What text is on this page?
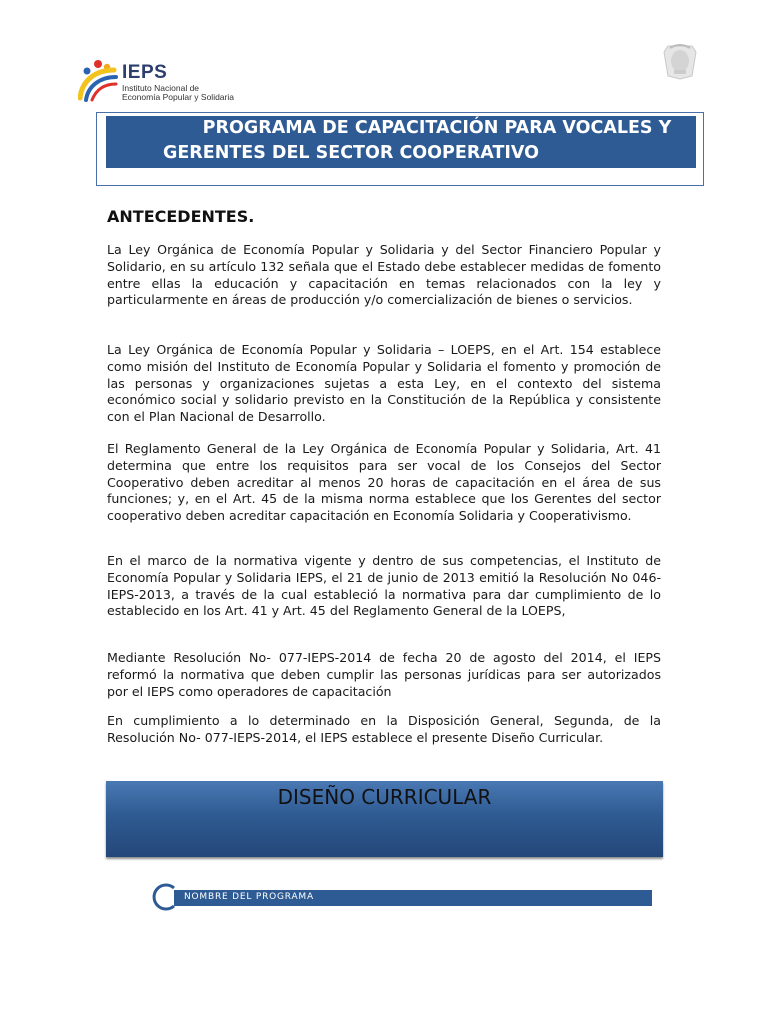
IEPS
Instituto Nacional de
Economía Popular y Solidaria
PROGRAMA DE CAPACITACIÓN PARA VOCALES Y
GERENTES DEL SECTOR COOPERATIVO
ANTECEDENTES.
La Ley Orgánica de Economía Popular y Solidaria y del Sector Financiero Popular y Solidario, en su artículo 132 señala que el Estado debe establecer medidas de fomento entre ellas la educación y capacitación en temas relacionados con la ley y particularmente en áreas de producción y/o comercialización de bienes o servicios.
La Ley Orgánica de Economía Popular y Solidaria – LOEPS, en el Art. 154 establece como misión del Instituto de Economía Popular y Solidaria el fomento y promoción de las personas y organizaciones sujetas a esta Ley, en el contexto del sistema económico social y solidario previsto en la Constitución de la República y consistente con el Plan Nacional de Desarrollo.
El Reglamento General de la Ley Orgánica de Economía Popular y Solidaria, Art. 41 determina que entre los requisitos para ser vocal de los Consejos del Sector Cooperativo deben acreditar al menos 20 horas de capacitación en el área de sus funciones; y, en el Art. 45 de la misma norma establece que los Gerentes del sector cooperativo deben acreditar capacitación en Economía Solidaria y Cooperativismo.
En el marco de la normativa vigente y dentro de sus competencias, el Instituto de Economía Popular y Solidaria IEPS, el 21 de junio de 2013 emitió la Resolución No 046-IEPS-2013, a través de la cual estableció la normativa para dar cumplimiento de lo establecido en los Art. 41 y Art. 45 del Reglamento General de la LOEPS,
Mediante Resolución No- 077-IEPS-2014 de fecha 20 de agosto del 2014, el IEPS reformó la normativa que deben cumplir las personas jurídicas para ser autorizados por el IEPS como operadores de capacitación
En cumplimiento a lo determinado en la Disposición General, Segunda, de la Resolución No- 077-IEPS-2014, el IEPS establece el presente Diseño Curricular.
DISEÑO CURRICULAR
NOMBRE DEL PROGRAMA
